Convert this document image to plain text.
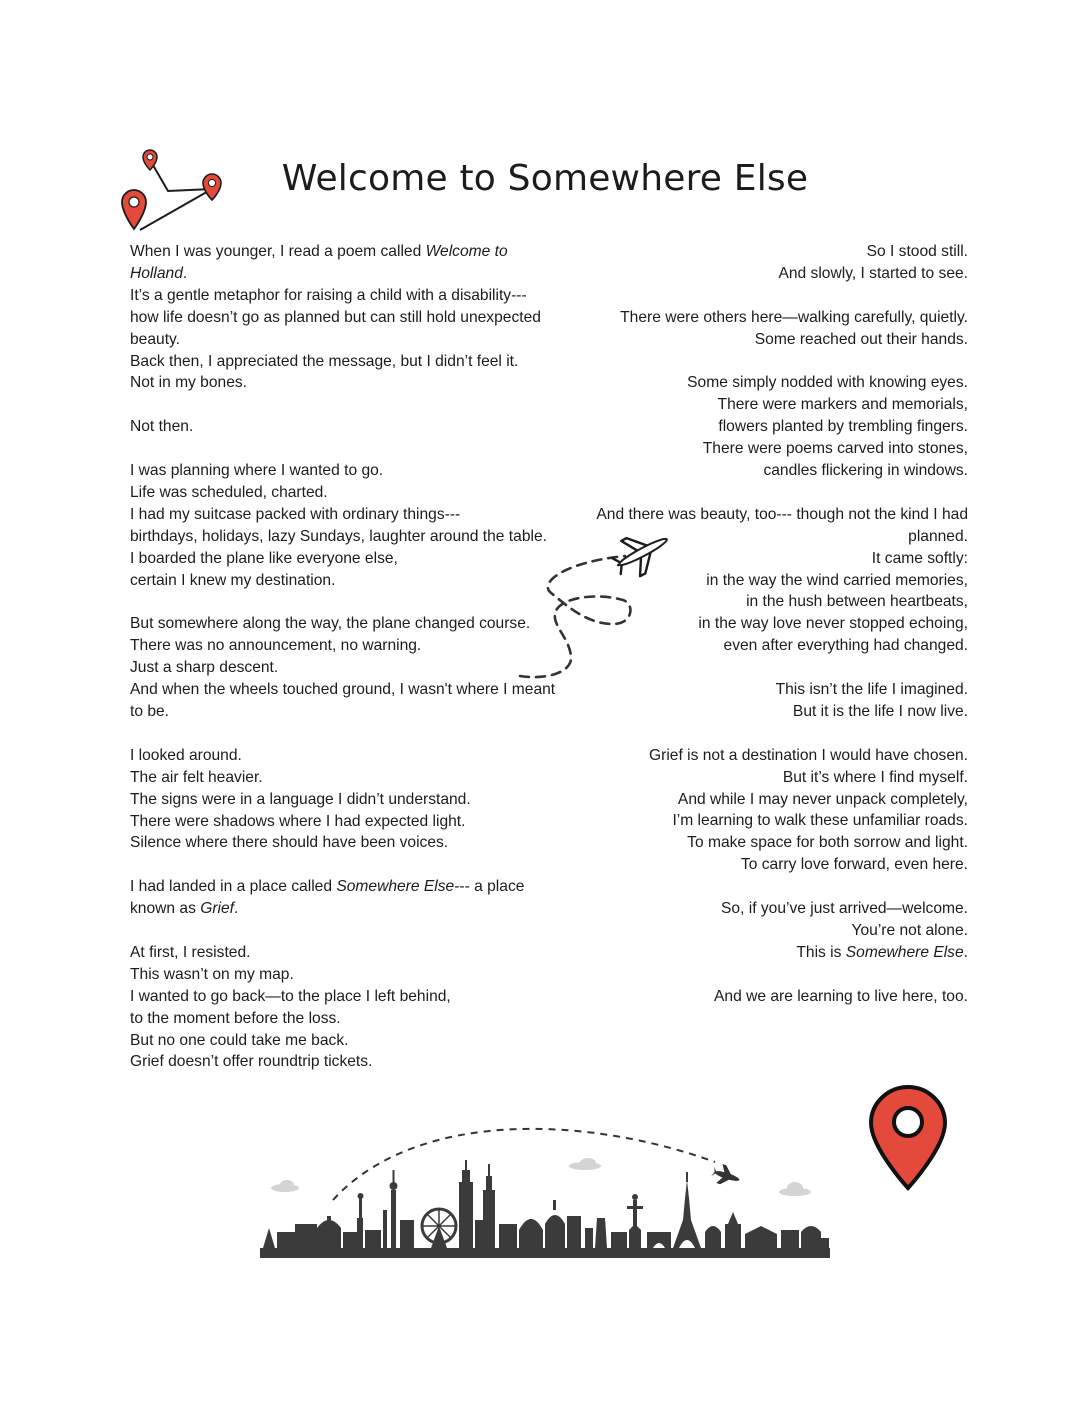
Welcome to Somewhere Else
When I was younger, I read a poem called Welcome to Holland.
It’s a gentle metaphor for raising a child with a disability---
how life doesn’t go as planned but can still hold unexpected beauty.
Back then, I appreciated the message, but I didn’t feel it.
Not in my bones.
Not then.
I was planning where I wanted to go.
Life was scheduled, charted.
I had my suitcase packed with ordinary things---
birthdays, holidays, lazy Sundays, laughter around the table.
I boarded the plane like everyone else,
certain I knew my destination.
But somewhere along the way, the plane changed course.
There was no announcement, no warning.
Just a sharp descent.
And when the wheels touched ground, I wasn't where I meant to be.
I looked around.
The air felt heavier.
The signs were in a language I didn’t understand.
There were shadows where I had expected light.
Silence where there should have been voices.
I had landed in a place called Somewhere Else--- a place known as Grief.
At first, I resisted.
This wasn’t on my map.
I wanted to go back—to the place I left behind,
to the moment before the loss.
But no one could take me back.
Grief doesn’t offer roundtrip tickets.
So I stood still.
And slowly, I started to see.
There were others here—walking carefully, quietly.
Some reached out their hands.
Some simply nodded with knowing eyes.
There were markers and memorials,
flowers planted by trembling fingers.
There were poems carved into stones,
candles flickering in windows.
And there was beauty, too--- though not the kind I had planned.
It came softly:
in the way the wind carried memories,
in the hush between heartbeats,
in the way love never stopped echoing,
even after everything had changed.
This isn’t the life I imagined.
But it is the life I now live.
Grief is not a destination I would have chosen.
But it’s where I find myself.
And while I may never unpack completely,
I’m learning to walk these unfamiliar roads.
To make space for both sorrow and light.
To carry love forward, even here.
So, if you’ve just arrived—welcome.
You’re not alone.
This is Somewhere Else.
And we are learning to live here, too.
